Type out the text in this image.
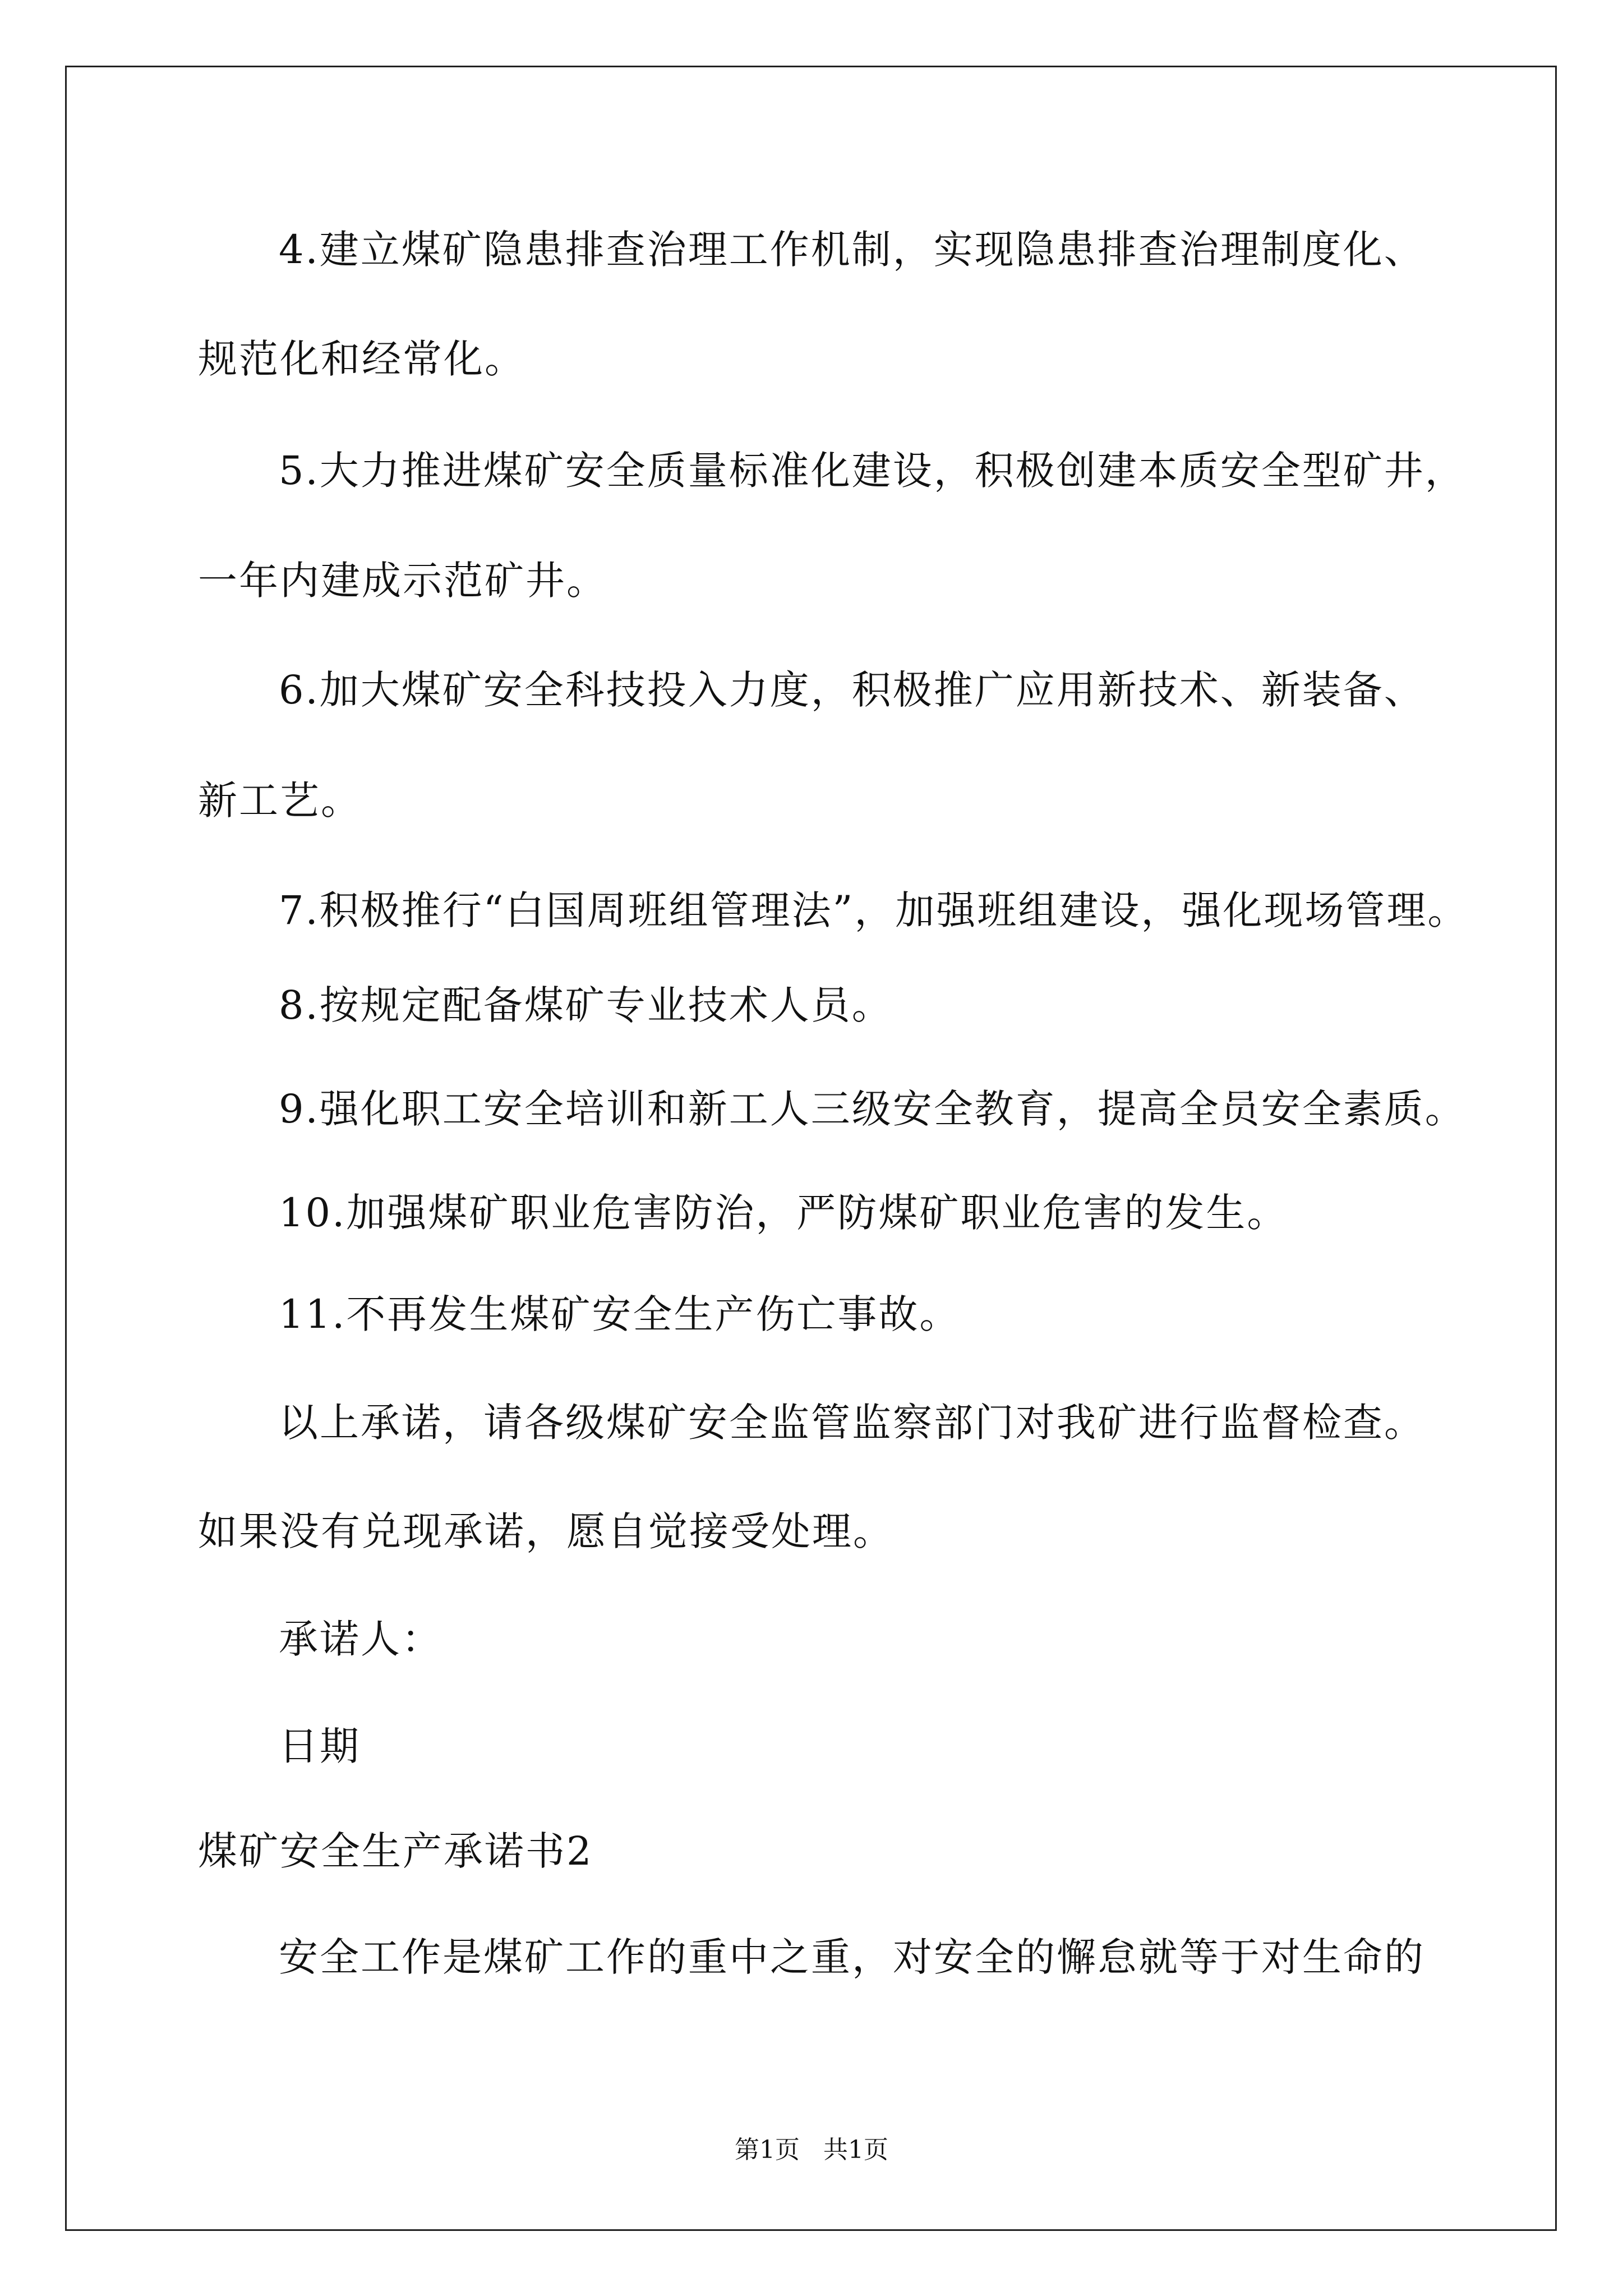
4.建立煤矿隐患排查治理工作机制，实现隐患排查治理制度化、
规范化和经常化。
5.大力推进煤矿安全质量标准化建设，积极创建本质安全型矿井，
一年内建成示范矿井。
6.加大煤矿安全科技投入力度，积极推广应用新技术、新装备、
新工艺。
7.积极推行“白国周班组管理法”，加强班组建设，强化现场管理。
8.按规定配备煤矿专业技术人员。
9.强化职工安全培训和新工人三级安全教育，提高全员安全素质。
10.加强煤矿职业危害防治，严防煤矿职业危害的发生。
11.不再发生煤矿安全生产伤亡事故。
以上承诺，请各级煤矿安全监管监察部门对我矿进行监督检查。
如果没有兑现承诺，愿自觉接受处理。
承诺人：
日期
煤矿安全生产承诺书2
安全工作是煤矿工作的重中之重，对安全的懈怠就等于对生命的
第1页   共1页
